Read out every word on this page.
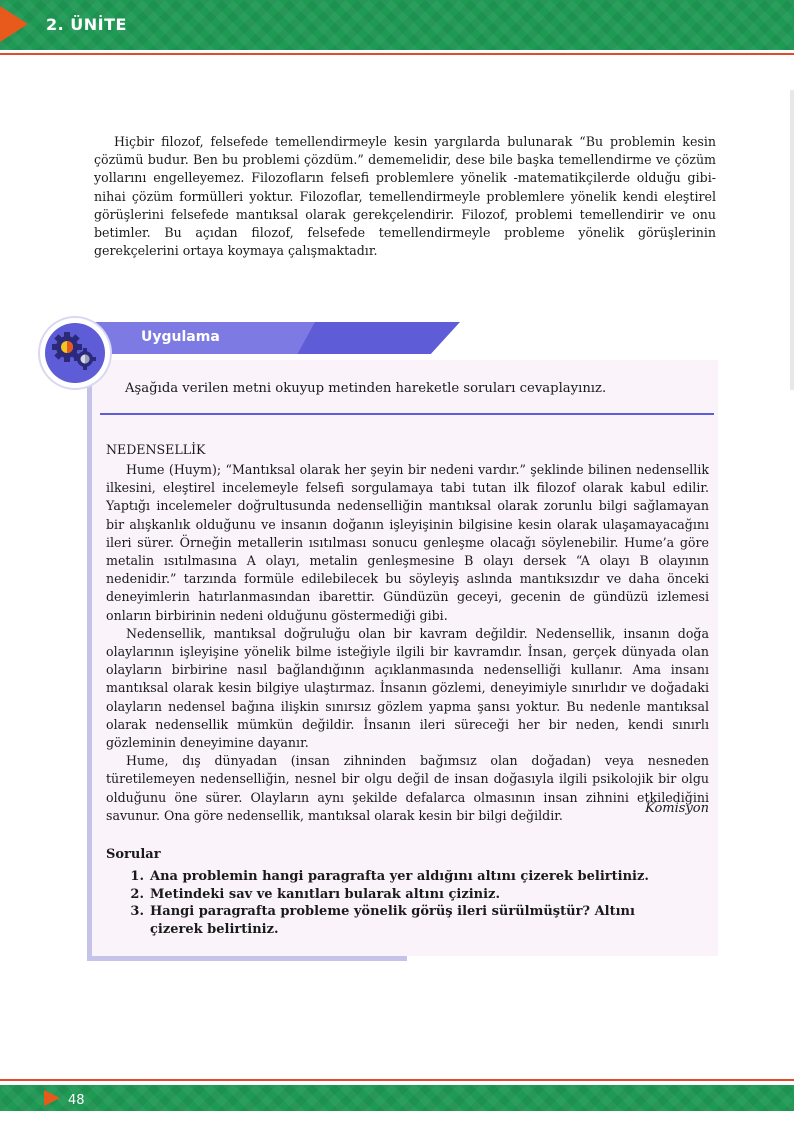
2. ÜNİTE
Hiçbir filozof, felsefede temellendirmeyle kesin yargılarda bulunarak “Bu problemin kesin çözümü budur. Ben bu problemi çözdüm.” dememelidir, dese bile başka temellendirme ve çözüm yollarını engelleyemez. Filozofların felsefi problemlere yönelik -matematikçilerde olduğu gibi- nihai çözüm formülleri yoktur. Filozoflar, temellendirmeyle problemlere yönelik kendi eleştirel görüşlerini felsefede mantıksal olarak gerekçelendirir. Filozof, problemi temellendirir ve onu betimler. Bu açıdan filozof, felsefede temellendirmeyle probleme yönelik görüşlerinin gerekçelerini ortaya koymaya çalışmaktadır.
Uygulama
Aşağıda verilen metni okuyup metinden hareketle soruları cevaplayınız.
NEDENSELLİK

Hume (Huym); “Mantıksal olarak her şeyin bir nedeni vardır.” şeklinde bilinen nedensellik ilkesini, eleştirel incelemeyle felsefi sorgulamaya tabi tutan ilk filozof olarak kabul edilir. Yaptığı incelemeler doğrultusunda nedenselliğin mantıksal olarak zorunlu bilgi sağlamayan bir alışkanlık olduğunu ve insanın doğanın işleyişinin bilgisine kesin olarak ulaşamayacağını ileri sürer. Örneğin metallerin ısıtılması sonucu genleşme olacağı söylenebilir. Hume’a göre metalin ısıtılmasına A olayı, metalin genleşmesine B olayı dersek “A olayı B olayının nedenidir.” tarzında formüle edilebilecek bu söyleyiş aslında mantıksızdır ve daha önceki deneyimlerin hatırlanmasından ibarettir. Gündüzün geceyi, gecenin de gündüzü izlemesi onların birbirinin nedeni olduğunu göstermediği gibi.

Nedensellik, mantıksal doğruluğu olan bir kavram değildir. Nedensellik, insanın doğa olaylarının işleyişine yönelik bilme isteğiyle ilgili bir kavramdır. İnsan, gerçek dünyada olan olayların birbirine nasıl bağlandığının açıklanmasında nedenselliği kullanır. Ama insanı mantıksal olarak kesin bilgiye ulaştırmaz. İnsanın gözlemi, deneyimiyle sınırlıdır ve doğadaki olayların nedensel bağına ilişkin sınırsız gözlem yapma şansı yoktur. Bu nedenle mantıksal olarak nedensellik mümkün değildir. İnsanın ileri süreceği her bir neden, kendi sınırlı gözleminin deneyimine dayanır.

Hume, dış dünyadan (insan zihninden bağımsız olan doğadan) veya nesneden türetilemeyen nedenselliğin, nesnel bir olgu değil de insan doğasıyla ilgili psikolojik bir olgu olduğunu öne sürer. Olayların aynı şekilde defalarca olmasının insan zihnini etkilediğini savunur. Ona göre nedensellik, mantıksal olarak kesin bir bilgi değildir.	Komisyon
Sorular
1. Ana problemin hangi paragrafta yer aldığını altını çizerek belirtiniz.
2. Metindeki sav ve kanıtları bularak altını çiziniz.
3. Hangi paragrafta probleme yönelik görüş ileri sürülmüştür? Altını çizerek belirtiniz.
48
